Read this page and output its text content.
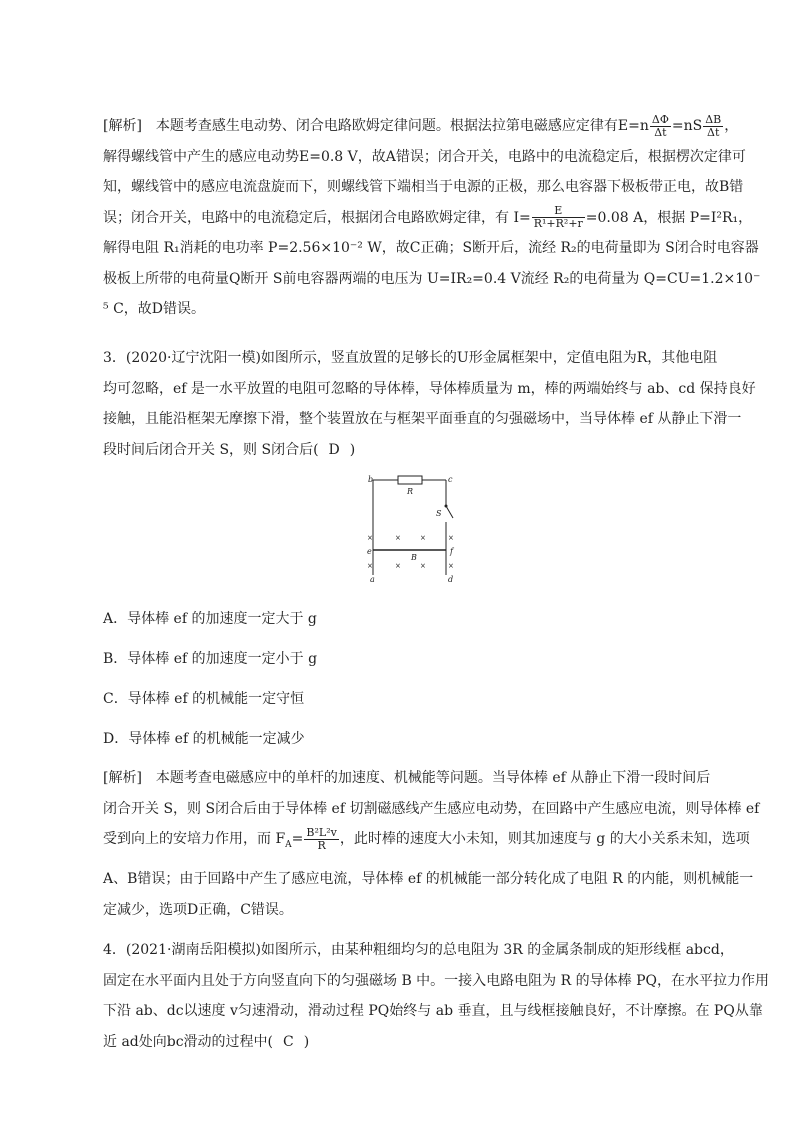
[解析]　本题考查感生电动势、闭合电路欧姆定律问题。根据法拉第电磁感应定律有$E=n \frac{\Delta\Phi}{\Delta t} =nS \frac{\Delta B}{\Delta t}$ ，
解得螺线管中产生的感应电动势E=0.8 V，故A错误；闭合开关，电路中的电流稳定后，根据楞次定律可
知，螺线管中的感应电流盘旋而下，则螺线管下端相当于电源的正极，那么电容器下极板带正电，故B错
误；闭合开关，电路中的电流稳定后，根据闭合电路欧姆定律，有 $I= \frac{E}{\text{R¹+R²+r}} =0.08$ A，根据 P=I²R₁，
解得电阻 R₁消耗的电功率 P=2.56×10⁻² W，故C正确；S断开后，流经 R₂的电荷量即为 S闭合时电容器
极板上所带的电荷量Q断开 S前电容器两端的电压为 U=IR₂=0.4 V流经 R₂的电荷量为 Q=CU=1.2×10⁻
⁵ C，故D错误。
3．(2020·辽宁沈阳一模)如图所示，竖直放置的足够长的U形金属框架中，定值电阻为R，其他电阻
均可忽略，ef 是一水平放置的电阻可忽略的导体棒，导体棒质量为 m，棒的两端始终与 ab、cd 保持良好
接触，且能沿框架无摩擦下滑，整个装置放在与框架平面垂直的匀强磁场中，当导体棒 ef 从静止下滑一
段时间后闭合开关 S，则 S闭合后( D )
b	c
R
S
e	f
a	d
B
×	×	×	×
×	×	×	×
A．导体棒 ef 的加速度一定大于 g
B．导体棒 ef 的加速度一定小于 g
C．导体棒 ef 的机械能一定守恒
D．导体棒 ef 的机械能一定减少
[解析]　本题考查电磁感应中的单杆的加速度、机械能等问题。当导体棒 ef 从静止下滑一段时间后
闭合开关 S，则 S闭合后由于导体棒 ef 切割磁感线产生感应电动势，在回路中产生感应电流，则导体棒 ef
受到向上的安培力作用，而 $F_A= \frac{\text{B²L²v}}{R}$ ，此时棒的速度大小未知，则其加速度与 g 的大小关系未知，选项
A、B错误；由于回路中产生了感应电流，导体棒 ef 的机械能一部分转化成了电阻 R 的内能，则机械能一
定减少，选项D正确，C错误。
4．(2021·湖南岳阳模拟)如图所示，由某种粗细均匀的总电阻为 3R 的金属条制成的矩形线框 abcd，
固定在水平面内且处于方向竖直向下的匀强磁场 B 中。一接入电路电阻为 R 的导体棒 PQ，在水平拉力作用
下沿 ab、dc以速度 v匀速滑动，滑动过程 PQ始终与 ab 垂直，且与线框接触良好，不计摩擦。在 PQ从靠
近 ad处向bc滑动的过程中( C )
